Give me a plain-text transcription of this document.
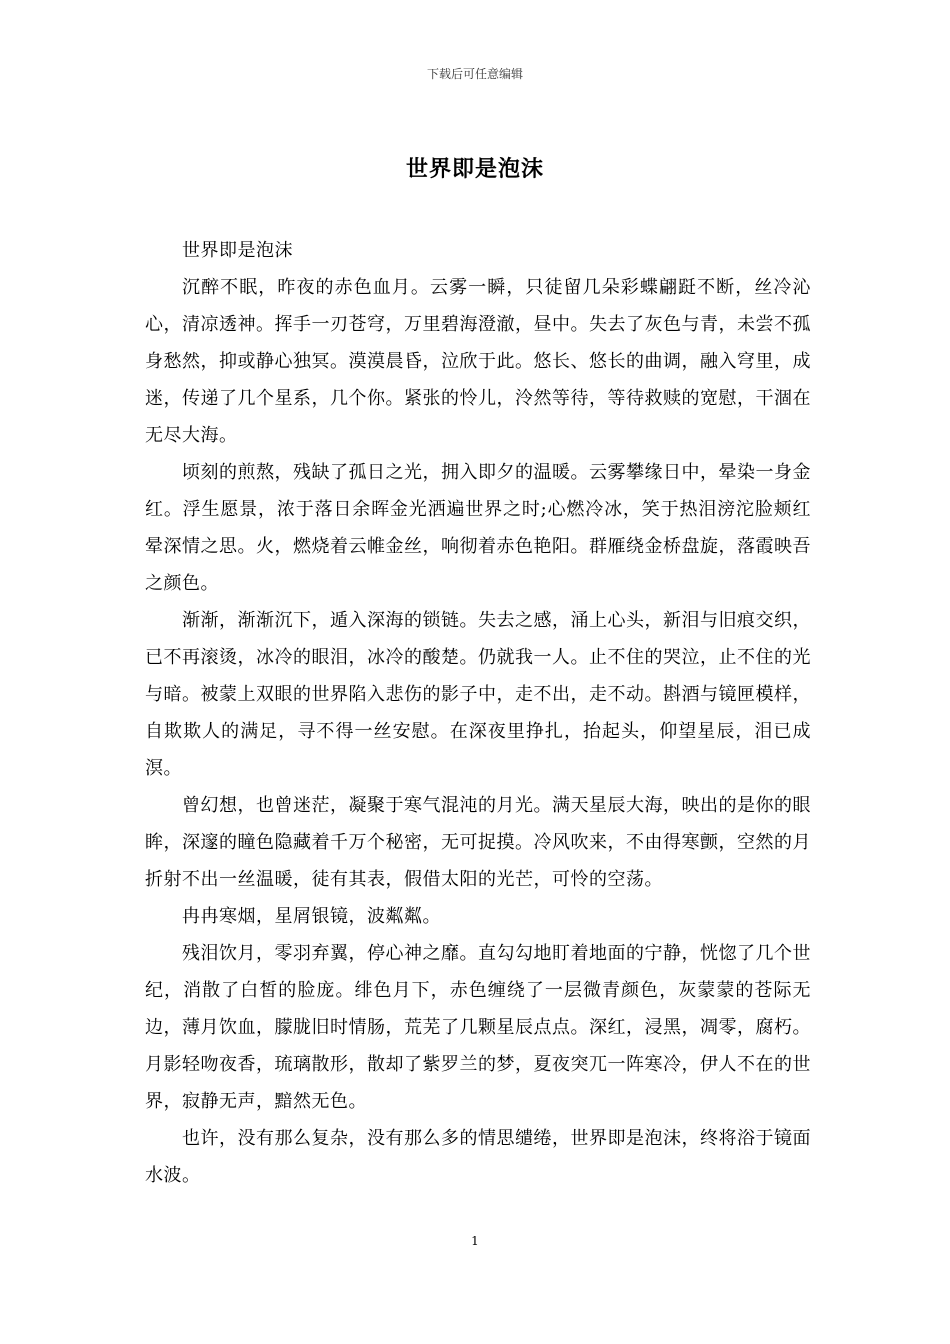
下载后可任意编辑
世界即是泡沫

世界即是泡沫

沉醉不眠，昨夜的赤色血月。云雾一瞬，只徒留几朵彩蝶翩跹不断，丝冷沁心，清凉透神。挥手一刃苍穹，万里碧海澄澈，昼中。失去了灰色与青，未尝不孤身愁然，抑或静心独冥。漠漠晨昏，泣欣于此。悠长、悠长的曲调，融入穹里，成迷，传递了几个星系，几个你。紧张的怜儿，泠然等待，等待救赎的宽慰，干涸在无尽大海。

顷刻的煎熬，残缺了孤日之光，拥入即夕的温暖。云雾攀缘日中，晕染一身金红。浮生愿景，浓于落日余晖金光洒遍世界之时;心燃冷冰，笑于热泪滂沱脸颊红晕深情之思。火，燃烧着云帷金丝，响彻着赤色艳阳。群雁绕金桥盘旋，落霞映吾之颜色。

渐渐，渐渐沉下，遁入深海的锁链。失去之感，涌上心头，新泪与旧痕交织，已不再滚烫，冰冷的眼泪，冰冷的酸楚。仍就我一人。止不住的哭泣，止不住的光与暗。被蒙上双眼的世界陷入悲伤的影子中，走不出，走不动。斟酒与镜匣模样，自欺欺人的满足，寻不得一丝安慰。在深夜里挣扎，抬起头，仰望星辰，泪已成溟。

曾幻想，也曾迷茫，凝聚于寒气混沌的月光。满天星辰大海，映出的是你的眼眸，深邃的瞳色隐藏着千万个秘密，无可捉摸。冷风吹来，不由得寒颤，空然的月折射不出一丝温暖，徒有其表，假借太阳的光芒，可怜的空荡。

冉冉寒烟，星屑银镜，波粼粼。

残泪饮月，零羽弃翼，停心神之靡。直勾勾地盯着地面的宁静，恍惚了几个世纪，消散了白皙的脸庞。绯色月下，赤色缠绕了一层微青颜色，灰蒙蒙的苍际无边，薄月饮血，朦胧旧时情肠，荒芜了几颗星辰点点。深红，浸黑，凋零，腐朽。月影轻吻夜香，琉璃散形，散却了紫罗兰的梦，夏夜突兀一阵寒冷，伊人不在的世界，寂静无声，黯然无色。

也许，没有那么复杂，没有那么多的情思缱绻，世界即是泡沫，终将浴于镜面水波。

1
